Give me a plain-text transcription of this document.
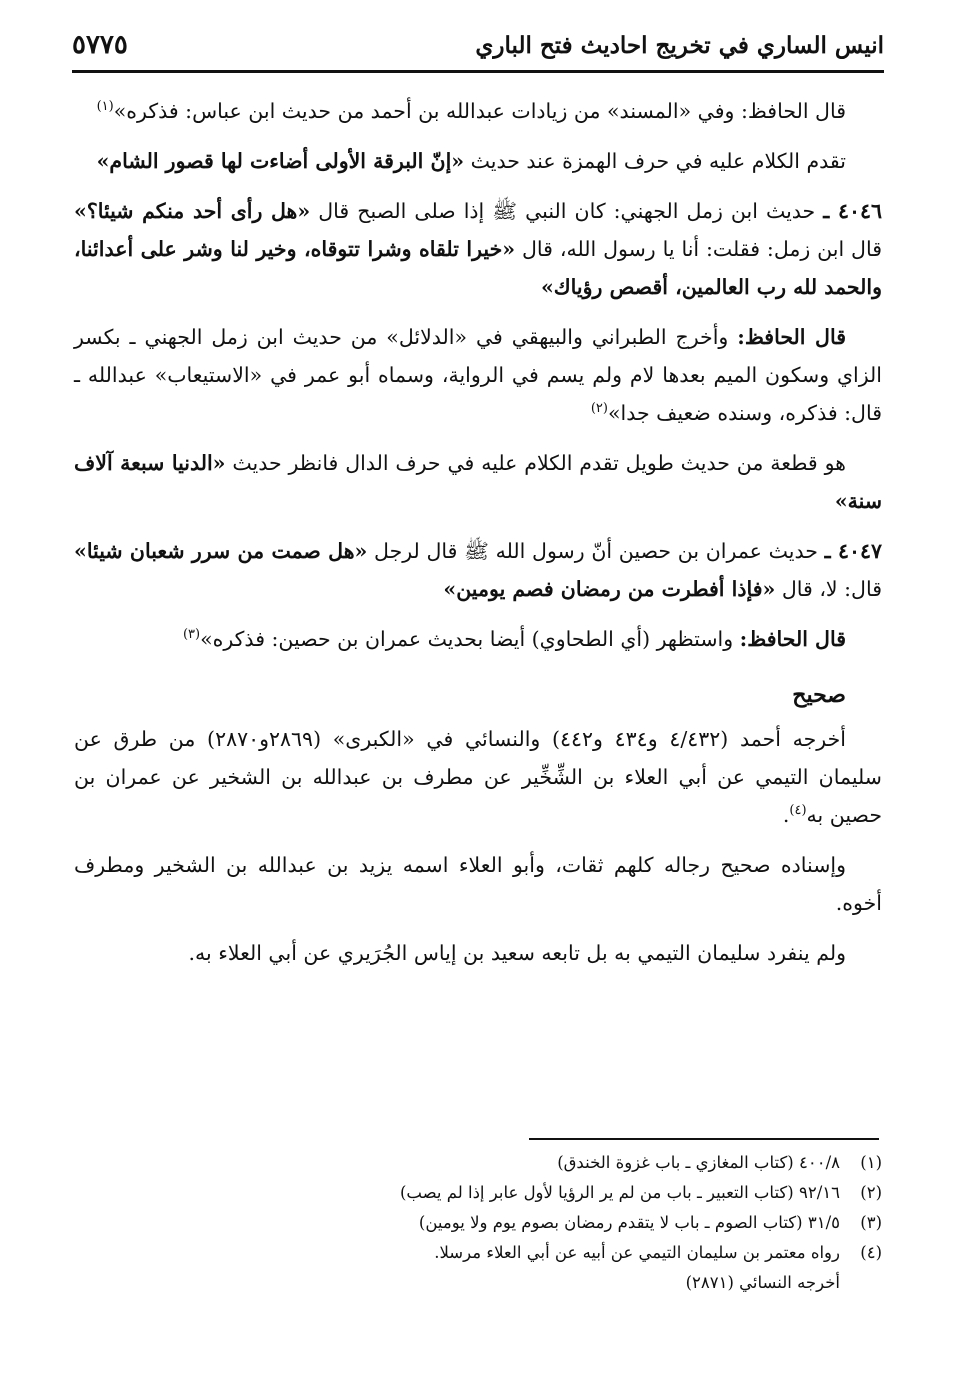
انيس الساري في تخريج احاديث فتح الباري
٥٧٧٥

قال الحافظ: وفي «المسند» من زيادات عبدالله بن أحمد من حديث ابن عباس: فذكره»$^{(١)}$

تقدم الكلام عليه في حرف الهمزة عند حديث «إنّ البرقة الأولى أضاءت لها قصور الشام»

٤٠٤٦ ـ حديث ابن زمل الجهني: كان النبي ﷺ إذا صلى الصبح قال «هل رأى أحد منكم شيئا؟» قال ابن زمل: فقلت: أنا يا رسول الله، قال «خيرا تلقاه وشرا تتوقاه، وخير لنا وشر على أعدائنا، والحمد لله رب العالمين، أقصص رؤياك»

قال الحافظ: وأخرج الطبراني والبيهقي في «الدلائل» من حديث ابن زمل الجهني ـ بكسر الزاي وسكون الميم بعدها لام ولم يسم في الرواية، وسماه أبو عمر في «الاستيعاب» عبدالله ـ قال: فذكره، وسنده ضعيف جدا»$^{(٢)}$

هو قطعة من حديث طويل تقدم الكلام عليه في حرف الدال فانظر حديث «الدنيا سبعة آلاف سنة»

٤٠٤٧ ـ حديث عمران بن حصين أنّ رسول الله ﷺ قال لرجل «هل صمت من سرر شعبان شيئا» قال: لا، قال «فإذا أفطرت من رمضان فصم يومين»

قال الحافظ: واستظهر (أي الطحاوي) أيضا بحديث عمران بن حصين: فذكره»$^{(٣)}$

صحيح

أخرجه أحمد (٤/٤٣٢ و٤٣٤ و٤٤٢) والنسائي في «الكبرى» (٢٨٦٩و٢٨٧٠) من طرق عن سليمان التيمي عن أبي العلاء بن الشِّخِّير عن مطرف بن عبدالله بن الشخير عن عمران بن حصين به$^{(٤)}$.

وإسناده صحيح رجاله كلهم ثقات، وأبو العلاء اسمه يزيد بن عبدالله بن الشخير ومطرف أخوه.

ولم ينفرد سليمان التيمي به بل تابعه سعيد بن إياس الجُرَيري عن أبي العلاء به.

(١)
٤٠٠/٨ (كتاب المغازي ـ باب غزوة الخندق)
(٢)
٩٢/١٦ (كتاب التعبير ـ باب من لم ير الرؤيا لأول عابر إذا لم يصب)
(٣)
٣١/٥ (كتاب الصوم ـ باب لا يتقدم رمضان بصوم يوم ولا يومين)
(٤)
رواه معتمر بن سليمان التيمي عن أبيه عن أبي العلاء مرسلا.
أخرجه النسائي (٢٨٧١)
